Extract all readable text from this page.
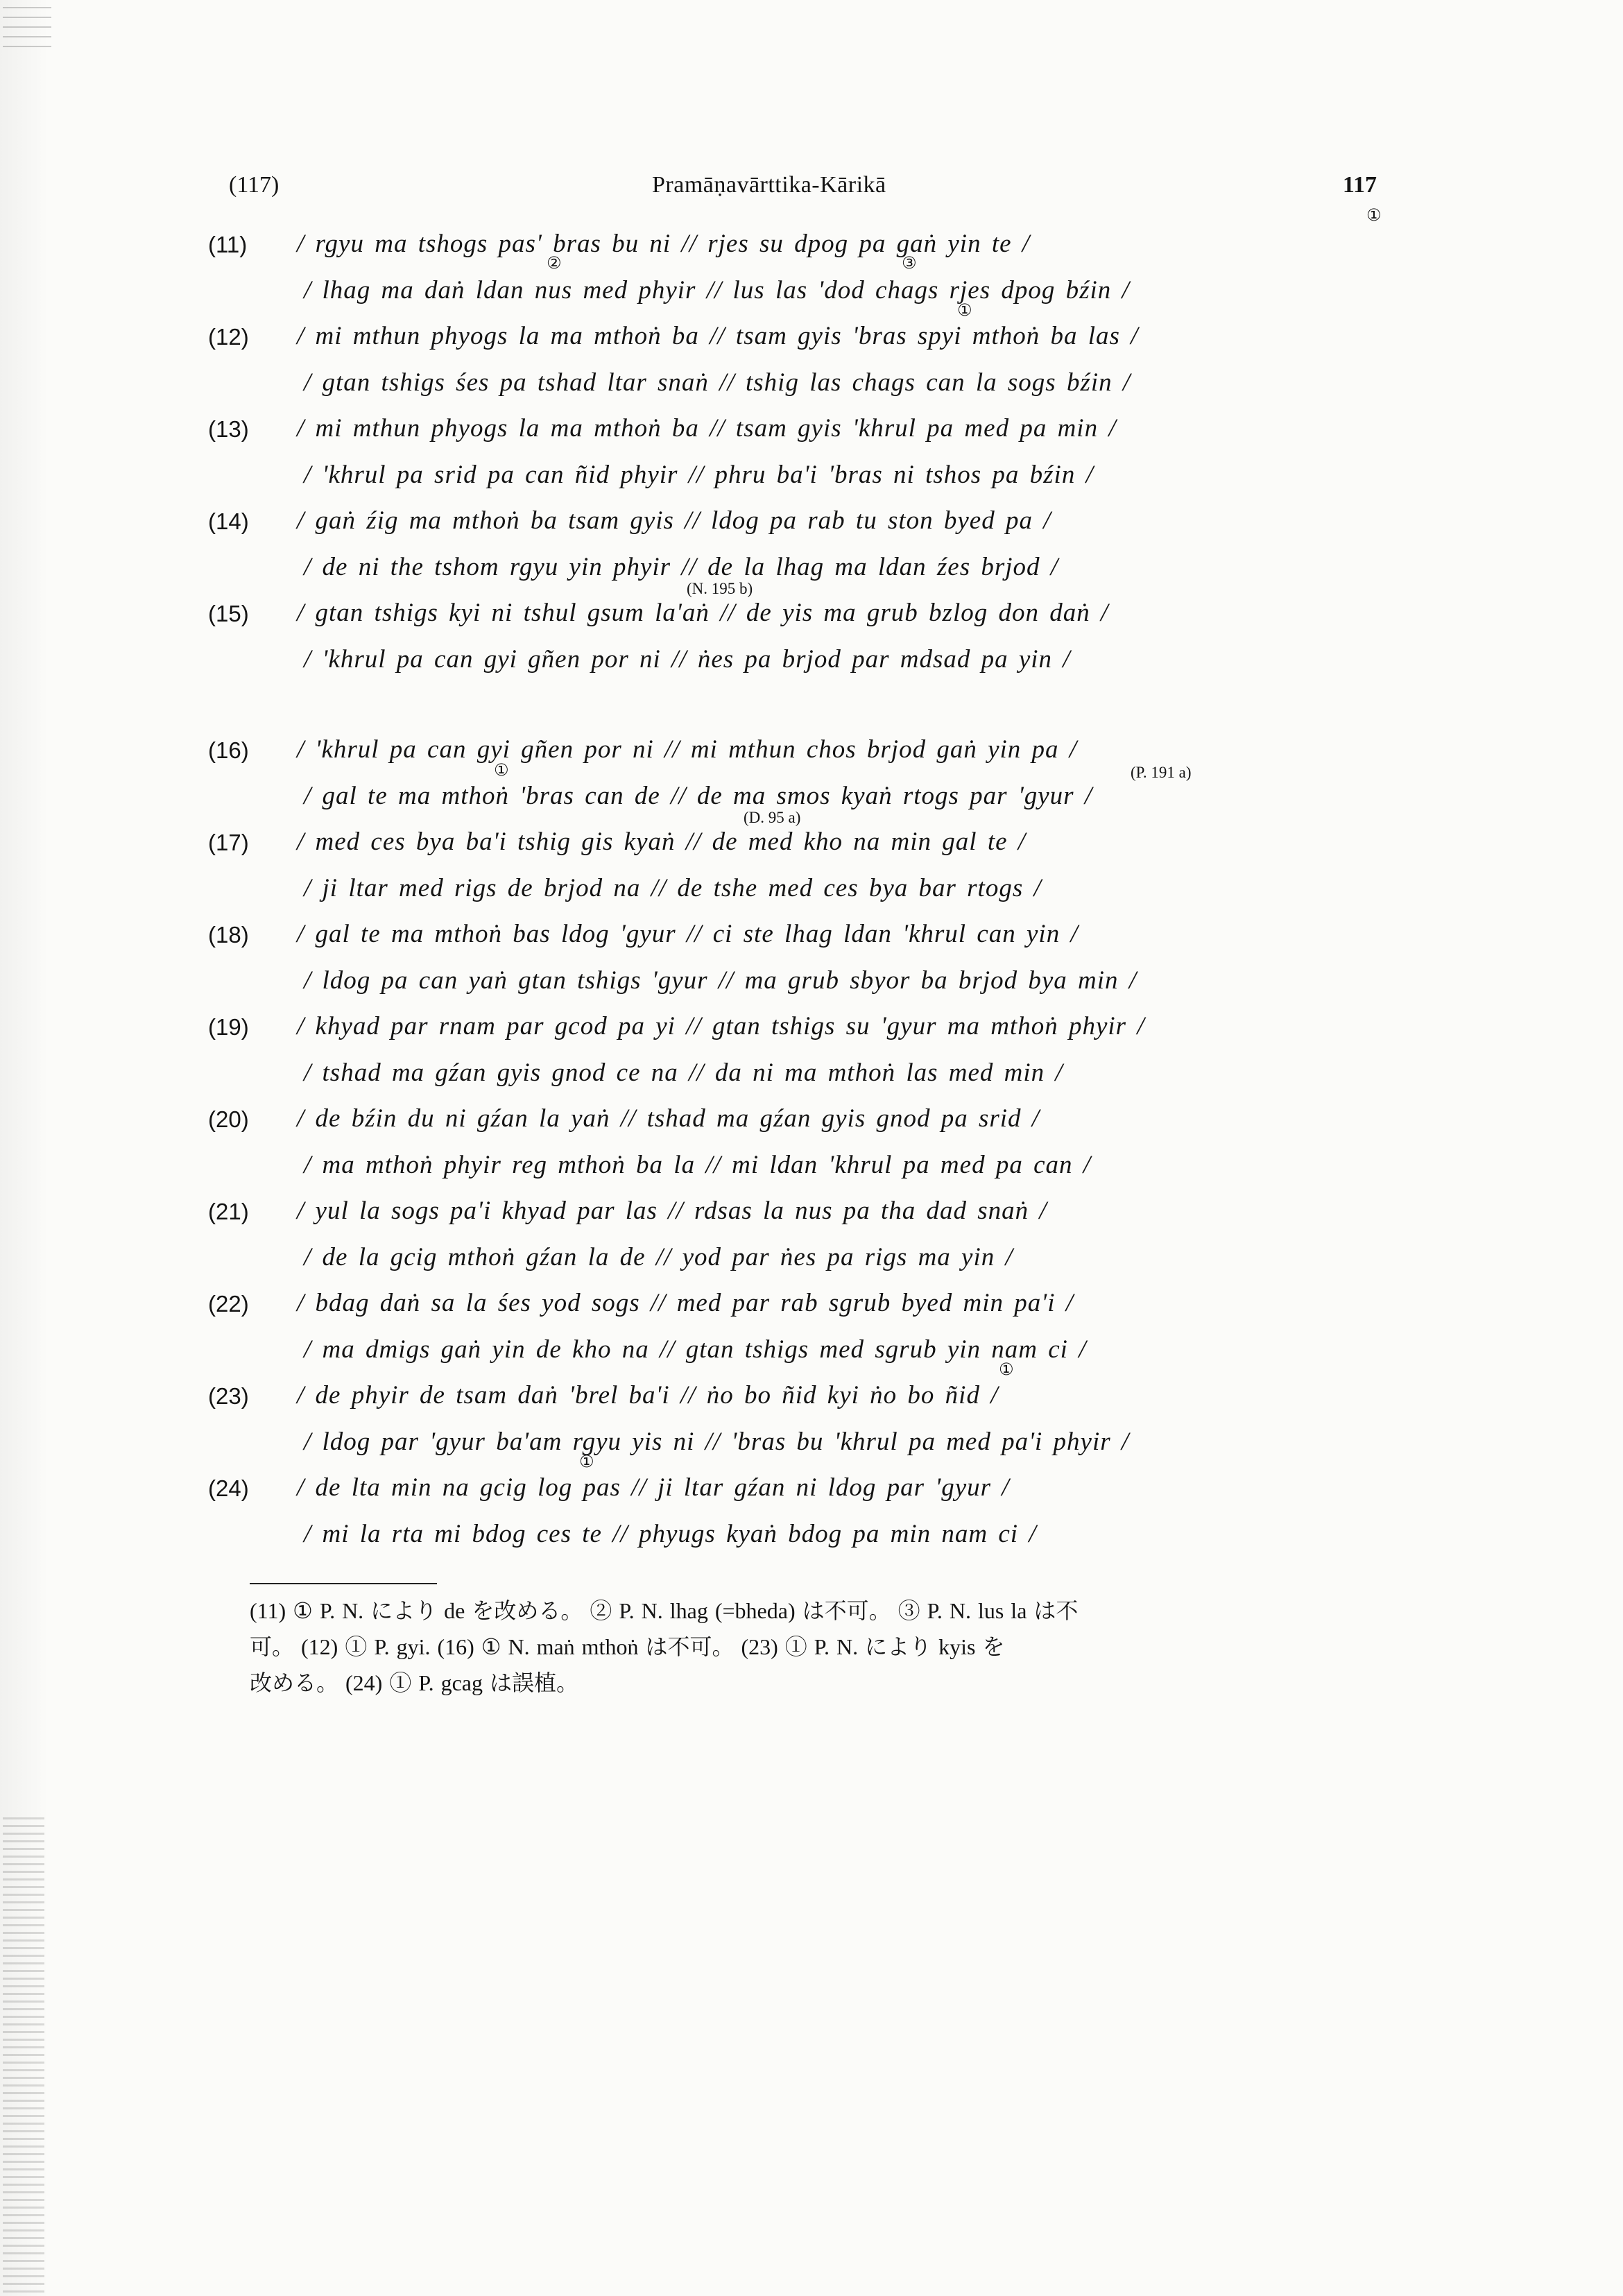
(117)	Pramāṇavārttika-Kārikā	117
(11) / rgyu ma tshogs pas' bras bu ni // rjes su dpog pa gaṅ yin te /
①
/ lhag ma daṅ ldan nus med phyir // lus las 'dod chags rjes dpog bźin /
②	③
(12) / mi mthun phyogs la ma mthoṅ ba // tsam gyis 'bras spyi mthoṅ ba las /
①
/ gtan tshigs śes pa tshad ltar snaṅ // tshig las chags can la sogs bźin /
(13) / mi mthun phyogs la ma mthoṅ ba // tsam gyis 'khrul pa med pa min /
/ 'khrul pa srid pa can ñid phyir // phru ba'i 'bras ni tshos pa bźin /
(14) / gaṅ źig ma mthoṅ ba tsam gyis // ldog pa rab tu ston byed pa /
/ de ni the tshom rgyu yin phyir // de la lhag ma ldan źes brjod /
(N. 195 b)
(15) / gtan tshigs kyi ni tshul gsum la'aṅ // de yis ma grub bzlog don daṅ /
/ 'khrul pa can gyi gñen por ni // ṅes pa brjod par mdsad pa yin /
(16) / 'khrul pa can gyi gñen por ni // mi mthun chos brjod gaṅ yin pa /
(P. 191 a)
/ gal te ma mthoṅ 'bras can de // de ma smos kyaṅ rtogs par 'gyur /
①
(D. 95 a)
(17) / med ces bya ba'i tshig gis kyaṅ // de med kho na min gal te /
/ ji ltar med rigs de brjod na // de tshe med ces bya bar rtogs /
(18) / gal te ma mthoṅ bas ldog 'gyur // ci ste lhag ldan 'khrul can yin /
/ ldog pa can yaṅ gtan tshigs 'gyur // ma grub sbyor ba brjod bya min /
(19) / khyad par rnam par gcod pa yi // gtan tshigs su 'gyur ma mthoṅ phyir /
/ tshad ma gźan gyis gnod ce na // da ni ma mthoṅ las med min /
(20) / de bźin du ni gźan la yaṅ // tshad ma gźan gyis gnod pa srid /
/ ma mthoṅ phyir reg mthoṅ ba la // mi ldan 'khrul pa med pa can /
(21) / yul la sogs pa'i khyad par las // rdsas la nus pa tha dad snaṅ /
/ de la gcig mthoṅ gźan la de // yod par ṅes pa rigs ma yin /
(22) / bdag daṅ sa la śes yod sogs // med par rab sgrub byed min pa'i /
/ ma dmigs gaṅ yin de kho na // gtan tshigs med sgrub yin nam ci /
(23) / de phyir de tsam daṅ 'brel ba'i // ṅo bo ñid kyi ṅo bo ñid /
①
/ ldog par 'gyur ba'am rgyu yis ni // 'bras bu 'khrul pa med pa'i phyir /
(24) / de lta min na gcig log pas // ji ltar gźan ni ldog par 'gyur /
①
/ mi la rta mi bdog ces te // phyugs kyaṅ bdog pa min nam ci /
(11) ① P. N. により de を改める。 ② P. N. lhag (=bheda) は不可。 ③ P. N. lus la は不
可。 (12) ① P. gyi. (16) ① N. maṅ mthoṅ は不可。 (23) ① P. N. により kyis を
改める。 (24) ① P. gcag は誤植。
